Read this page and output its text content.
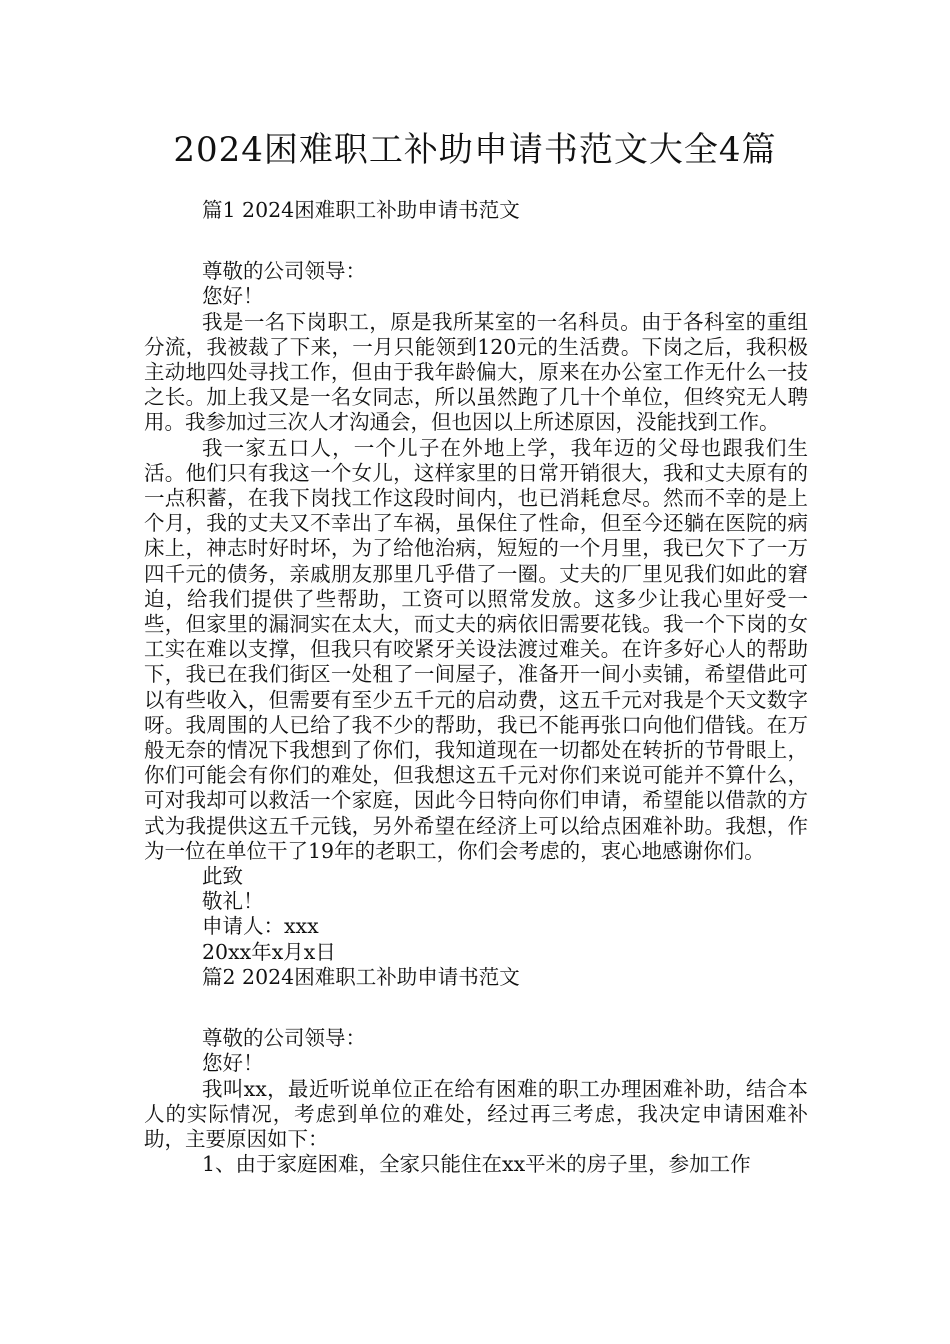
2024困难职工补助申请书范文大全4篇

篇1 2024困难职工补助申请书范文

尊敬的公司领导：

您好！

我是一名下岗职工，原是我所某室的一名科员。由于各科室的重组分流，我被裁了下来，一月只能领到120元的生活费。下岗之后，我积极主动地四处寻找工作，但由于我年龄偏大，原来在办公室工作无什么一技之长。加上我又是一名女同志，所以虽然跑了几十个单位，但终究无人聘用。我参加过三次人才沟通会，但也因以上所述原因，没能找到工作。

我一家五口人，一个儿子在外地上学，我年迈的父母也跟我们生活。他们只有我这一个女儿，这样家里的日常开销很大，我和丈夫原有的一点积蓄，在我下岗找工作这段时间内，也已消耗怠尽。然而不幸的是上个月，我的丈夫又不幸出了车祸，虽保住了性命，但至今还躺在医院的病床上，神志时好时坏，为了给他治病，短短的一个月里，我已欠下了一万四千元的债务，亲戚朋友那里几乎借了一圈。丈夫的厂里见我们如此的窘迫，给我们提供了些帮助，工资可以照常发放。这多少让我心里好受一些，但家里的漏洞实在太大，而丈夫的病依旧需要花钱。我一个下岗的女工实在难以支撑，但我只有咬紧牙关设法渡过难关。在许多好心人的帮助下，我已在我们街区一处租了一间屋子，准备开一间小卖铺，希望借此可以有些收入，但需要有至少五千元的启动费，这五千元对我是个天文数字呀。我周围的人已给了我不少的帮助，我已不能再张口向他们借钱。在万般无奈的情况下我想到了你们，我知道现在一切都处在转折的节骨眼上，你们可能会有你们的难处，但我想这五千元对你们来说可能并不算什么，可对我却可以救活一个家庭，因此今日特向你们申请，希望能以借款的方式为我提供这五千元钱，另外希望在经济上可以给点困难补助。我想，作为一位在单位干了19年的老职工，你们会考虑的，衷心地感谢你们。

此致

敬礼！

申请人：xxx

20xx年x月x日

篇2 2024困难职工补助申请书范文

尊敬的公司领导：

您好！

我叫xx，最近听说单位正在给有困难的职工办理困难补助，结合本人的实际情况，考虑到单位的难处，经过再三考虑，我决定申请困难补助，主要原因如下：

1、由于家庭困难，全家只能住在xx平米的房子里，参加工作
